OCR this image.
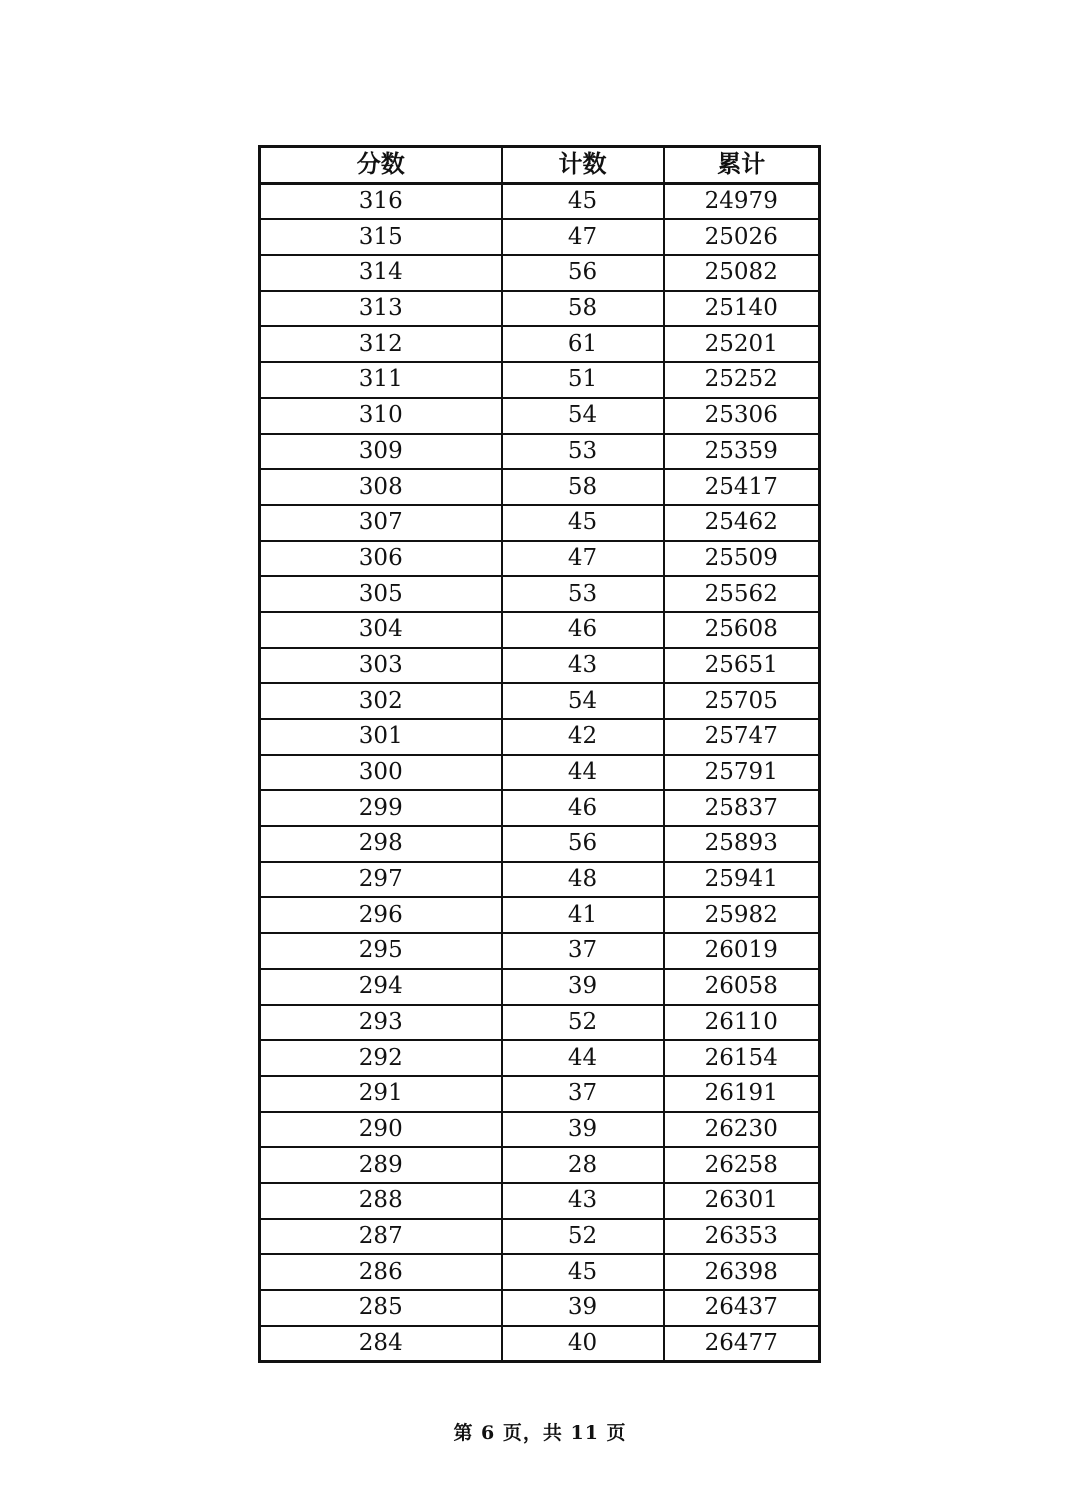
分数	计数	累计
316	45	24979
315	47	25026
314	56	25082
313	58	25140
312	61	25201
311	51	25252
310	54	25306
309	53	25359
308	58	25417
307	45	25462
306	47	25509
305	53	25562
304	46	25608
303	43	25651
302	54	25705
301	42	25747
300	44	25791
299	46	25837
298	56	25893
297	48	25941
296	41	25982
295	37	26019
294	39	26058
293	52	26110
292	44	26154
291	37	26191
290	39	26230
289	28	26258
288	43	26301
287	52	26353
286	45	26398
285	39	26437
284	40	26477
第 6 页，共 11 页
